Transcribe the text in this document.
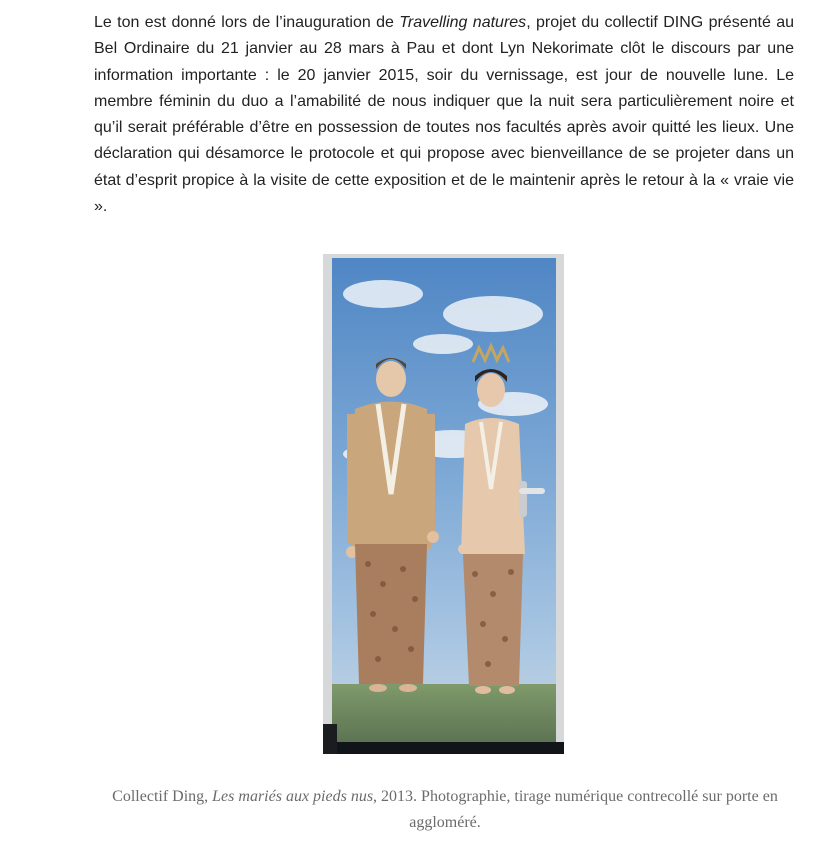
Le ton est donné lors de l’inauguration de Travelling natures, projet du collectif DING présenté au Bel Ordinaire du 21 janvier au 28 mars à Pau et dont Lyn Nekorimate clôt le discours par une information importante : le 20 janvier 2015, soir du vernissage, est jour de nouvelle lune. Le membre féminin du duo a l’amabilité de nous indiquer que la nuit sera particulièrement noire et qu’il serait préférable d’être en possession de toutes nos facultés après avoir quitté les lieux. Une déclaration qui désamorce le protocole et qui propose avec bienveillance de se projeter dans un état d’esprit propice à la visite de cette exposition et de le maintenir après le retour à la « vraie vie ».

Collectif Ding, Les mariés aux pieds nus, 2013. Photographie, tirage numérique contrecollé sur porte en aggloméré.
